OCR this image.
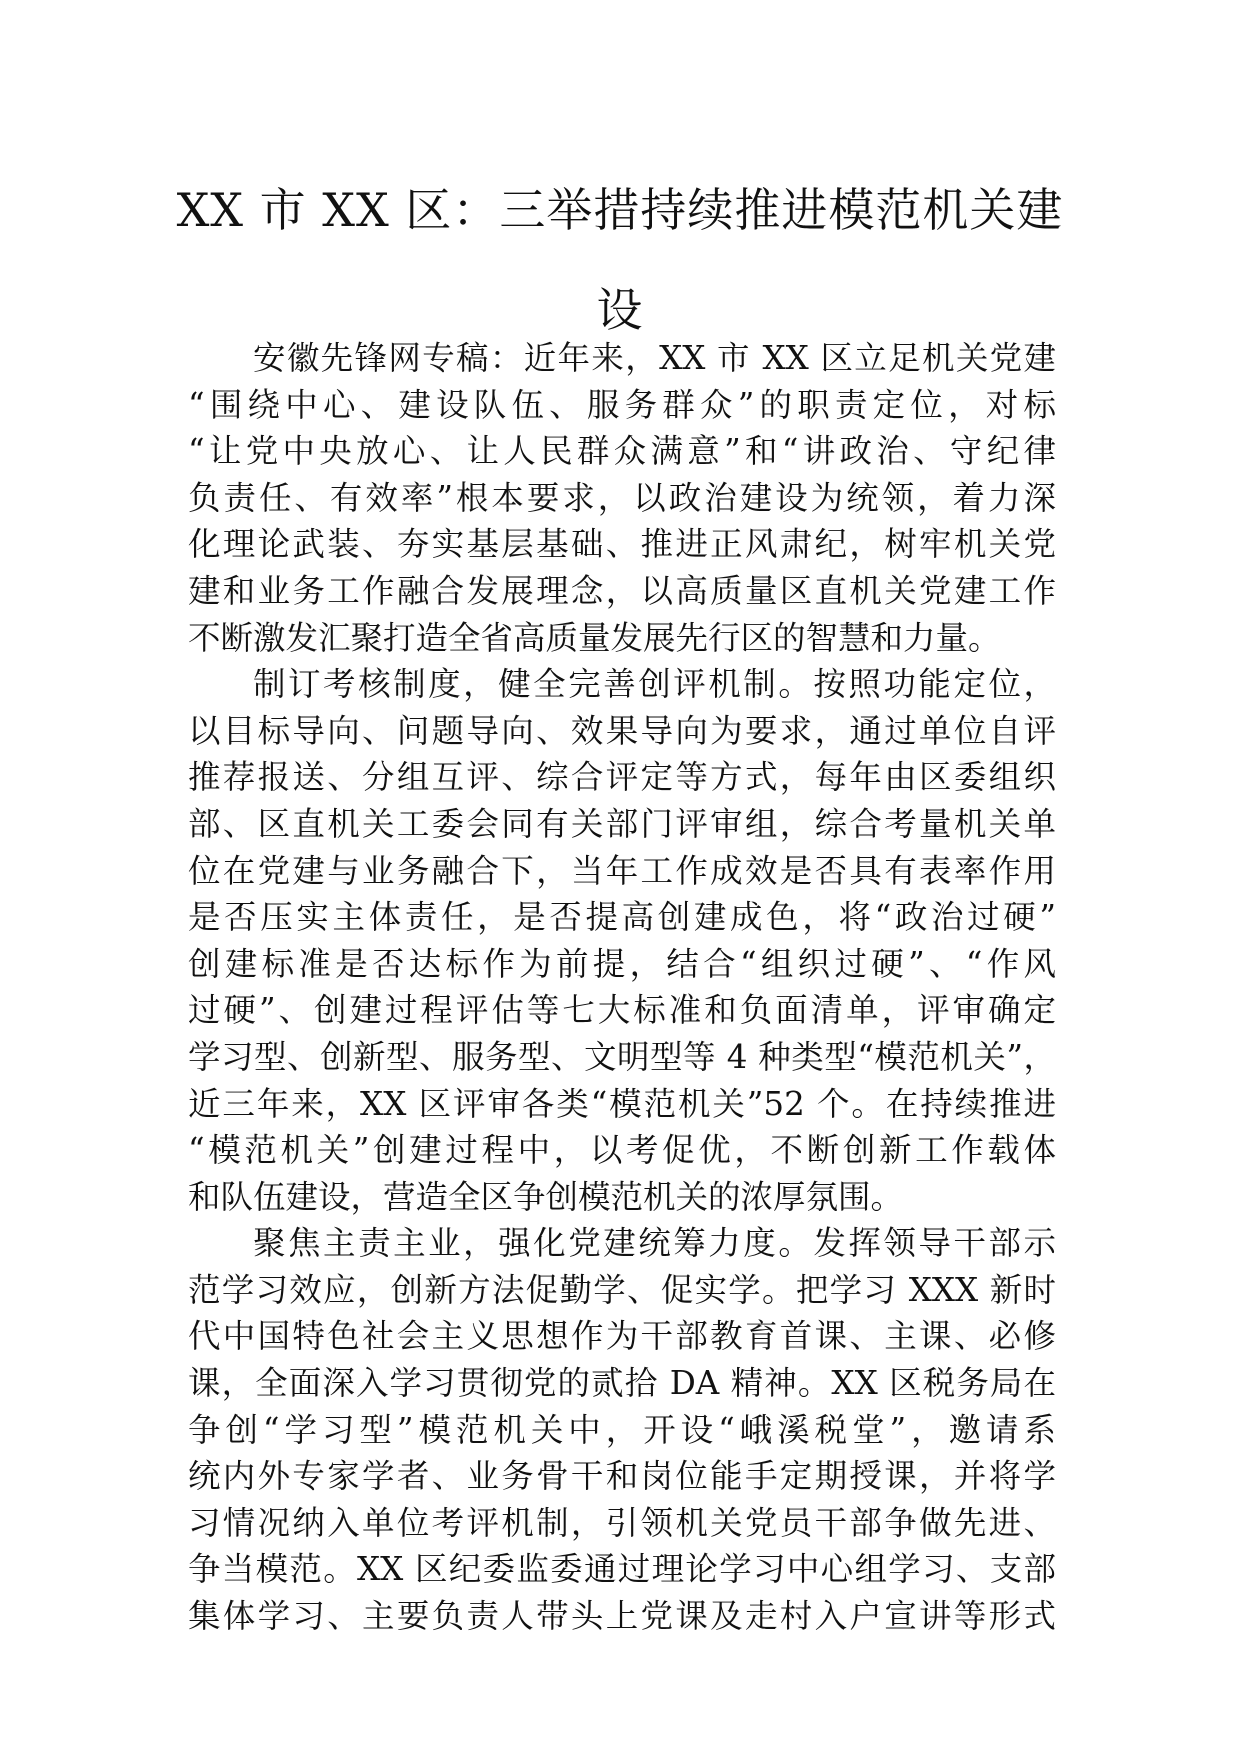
XX 市 XX 区：三举措持续推进模范机关建
设

安徽先锋网专稿：近年来，XX 市 XX 区立足机关党建
“围绕中心、建设队伍、服务群众”的职责定位，对标
“让党中央放心、让人民群众满意”和“讲政治、守纪律
负责任、有效率”根本要求，以政治建设为统领，着力深
化理论武装、夯实基层基础、推进正风肃纪，树牢机关党
建和业务工作融合发展理念，以高质量区直机关党建工作
不断激发汇聚打造全省高质量发展先行区的智慧和力量。

制订考核制度，健全完善创评机制。按照功能定位，
以目标导向、问题导向、效果导向为要求，通过单位自评
推荐报送、分组互评、综合评定等方式，每年由区委组织
部、区直机关工委会同有关部门评审组，综合考量机关单
位在党建与业务融合下，当年工作成效是否具有表率作用
是否压实主体责任，是否提高创建成色，将“政治过硬”
创建标准是否达标作为前提，结合“组织过硬”、“作风
过硬”、创建过程评估等七大标准和负面清单，评审确定
学习型、创新型、服务型、文明型等 4 种类型“模范机关”，
近三年来，XX 区评审各类“模范机关”52 个。在持续推进
“模范机关”创建过程中，以考促优，不断创新工作载体
和队伍建设，营造全区争创模范机关的浓厚氛围。

聚焦主责主业，强化党建统筹力度。发挥领导干部示
范学习效应，创新方法促勤学、促实学。把学习 XXX 新时
代中国特色社会主义思想作为干部教育首课、主课、必修
课，全面深入学习贯彻党的贰拾 DA 精神。XX 区税务局在
争创“学习型”模范机关中，开设“峨溪税堂”，邀请系
统内外专家学者、业务骨干和岗位能手定期授课，并将学
习情况纳入单位考评机制，引领机关党员干部争做先进、
争当模范。XX 区纪委监委通过理论学习中心组学习、支部
集体学习、主要负责人带头上党课及走村入户宣讲等形式
